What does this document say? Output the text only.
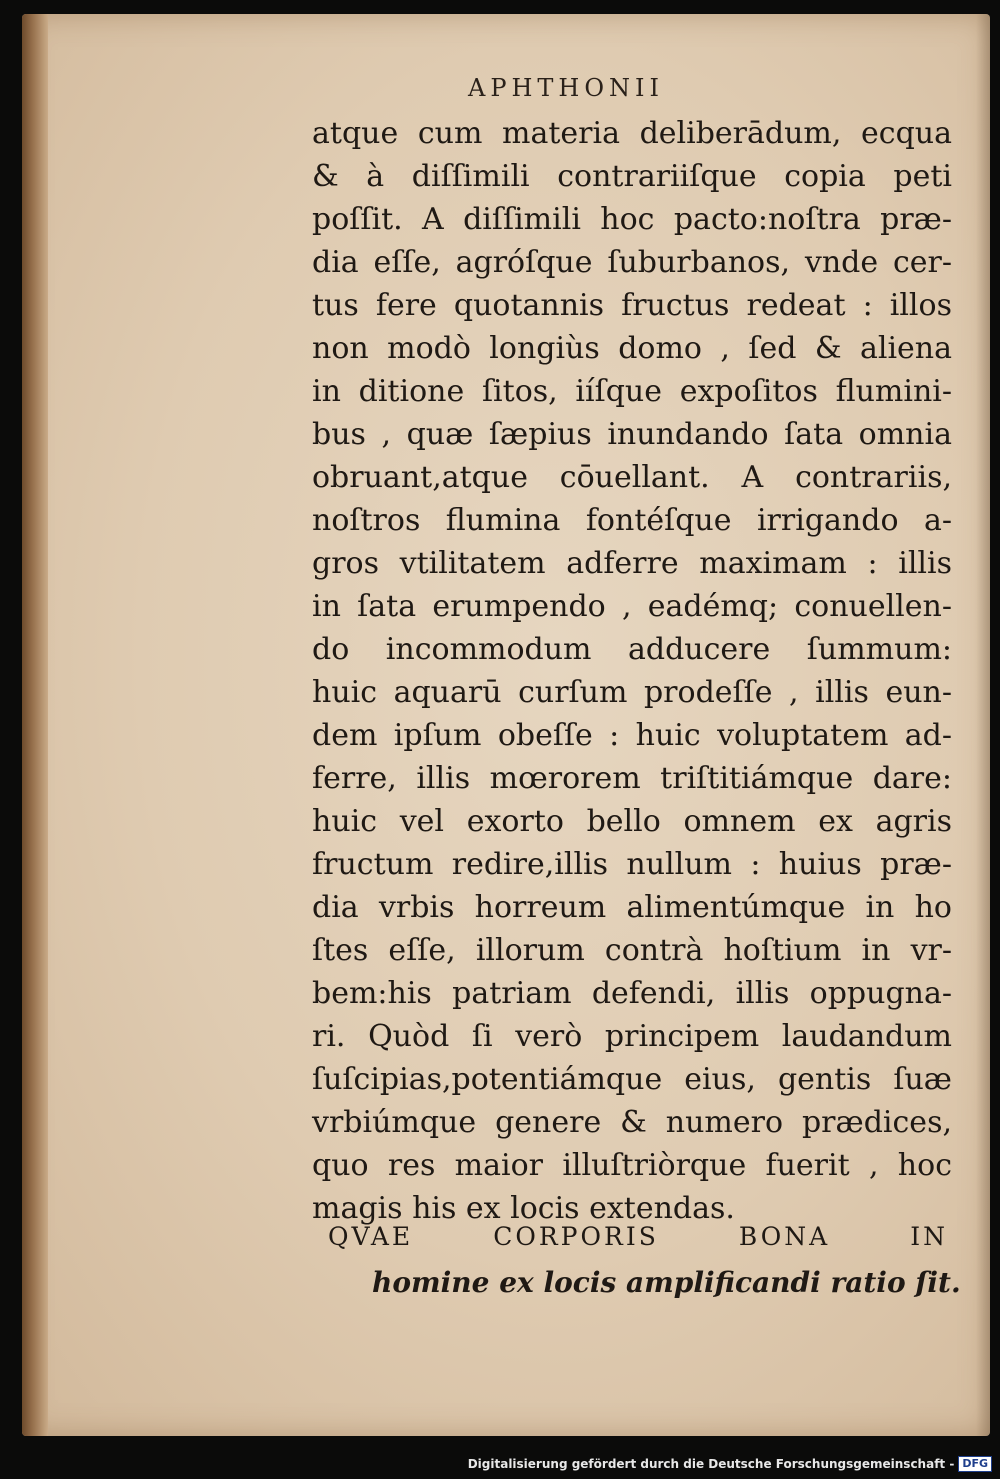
APHTHONII
atque cum materia deliberādum, ecqua
& à diſſimili contrariiſque copia peti
poſſit. A diſſimili hoc pacto:noſtra præ-
dia eſſe, agróſque ſuburbanos, vnde cer-
tus fere quotannis fructus redeat : illos
non modò longiùs domo , ſed & aliena
in ditione ſitos, iíſque expoſitos flumini-
bus , quæ ſæpius inundando ſata omnia
obruant,atque cōuellant. A contrariis,
noſtros flumina fontéſque irrigando a-
gros vtilitatem adferre maximam : illis
in ſata erumpendo , eadémq; conuellen-
do incommodum adducere ſummum:
huic aquarū curſum prodeſſe , illis eun-
dem ipſum obeſſe : huic voluptatem ad-
ferre, illis mœrorem triſtitiámque dare:
huic vel exorto bello omnem ex agris
fructum redire,illis nullum : huius præ-
dia vrbis horreum alimentúmque in ho
ſtes eſſe, illorum contrà hoſtium in vr-
bem:his patriam defendi, illis oppugna-
ri. Quòd ſi verò principem laudandum
ſuſcipias,potentiámque eius, gentis ſuæ
vrbiúmque genere & numero prædices,
quo res maior illuſtriòrque fuerit , hoc
magis his ex locis extendas.
QVAE CORPORIS BONA IN
homine ex locis amplificandi ratio ſit.
Digitalisierung gefördert durch die Deutsche Forschungsgemeinschaft - DFG
